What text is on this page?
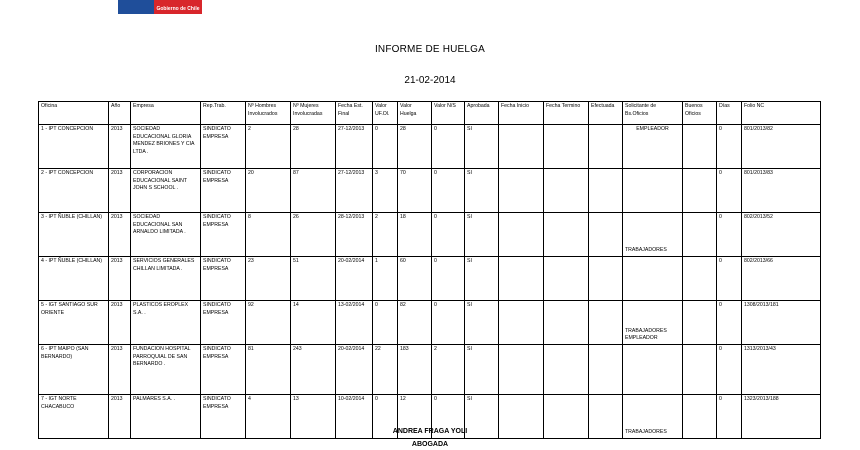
Gobierno de Chile
INFORME DE HUELGA
21-02-2014
Oficina	Año	Empresa	Rep.Trab.	Nº Hombres Involucrados	Nº Mujeres Involucradas	Fecha Est. Final	Valor UF.Ol.	Valor Huelga	Valor N/S	Aprobada	Fecha Inicio	Fecha Termino	Efectuada	Solicitante de Bs.Oficios	Buenos Oficios	Días	Folio NC
1 - IPT CONCEPCION	2013	SOCIEDAD EDUCACIONAL GLORIA MENDEZ BRIONES Y CIA LTDA .	SINDICATO EMPRESA	2	28	27-12/2013	0	28	0	SI				EMPLEADOR		0	801/2013/82
2 - IPT CONCEPCION	2013	CORPORACION EDUCACIONAL SAINT JOHN S SCHOOL .	SINDICATO EMPRESA	20	87	27-12/2013	3	70	0	SI						0	801/2013/83
3 - IPT ÑUBLE (CHILLAN)	2013	SOCIEDAD EDUCACIONAL SAN ARNALDO LIMITADA .	SINDICATO EMPRESA	8	26	28-12/2013	2	18	0	SI				TRABAJADORES		0	802/2013/52
4 - IPT ÑUBLE (CHILLAN)	2013	SERVICIOS GENERALES CHILLAN LIMITADA .	SINDICATO EMPRESA	23	51	20-02/2014	1	60	0	SI						0	802/2013/66
5 - IGT SANTIAGO SUR ORIENTE	2013	PLASTICOS EROPLEX S.A. .	SINDICATO EMPRESA	92	14	13-02/2014	0	82	0	SI				TRABAJADORES EMPLEADOR		0	1308/2013/181
6 - IPT MAIPO (SAN BERNARDO)	2013	FUNDACION HOSPITAL PARROQUIAL DE SAN BERNARDO .	SINDICATO EMPRESA	81	243	20-02/2014	22	183	2	SI						0	1313/2013/43
7 - IGT NORTE CHACABUCO	2013	PALMARES S.A. .	SINDICATO EMPRESA	4	13	10-02/2014	0	12	0	SI				TRABAJADORES		0	1323/2013/188
ANDREA FRAGA YOLI
ABOGADA
